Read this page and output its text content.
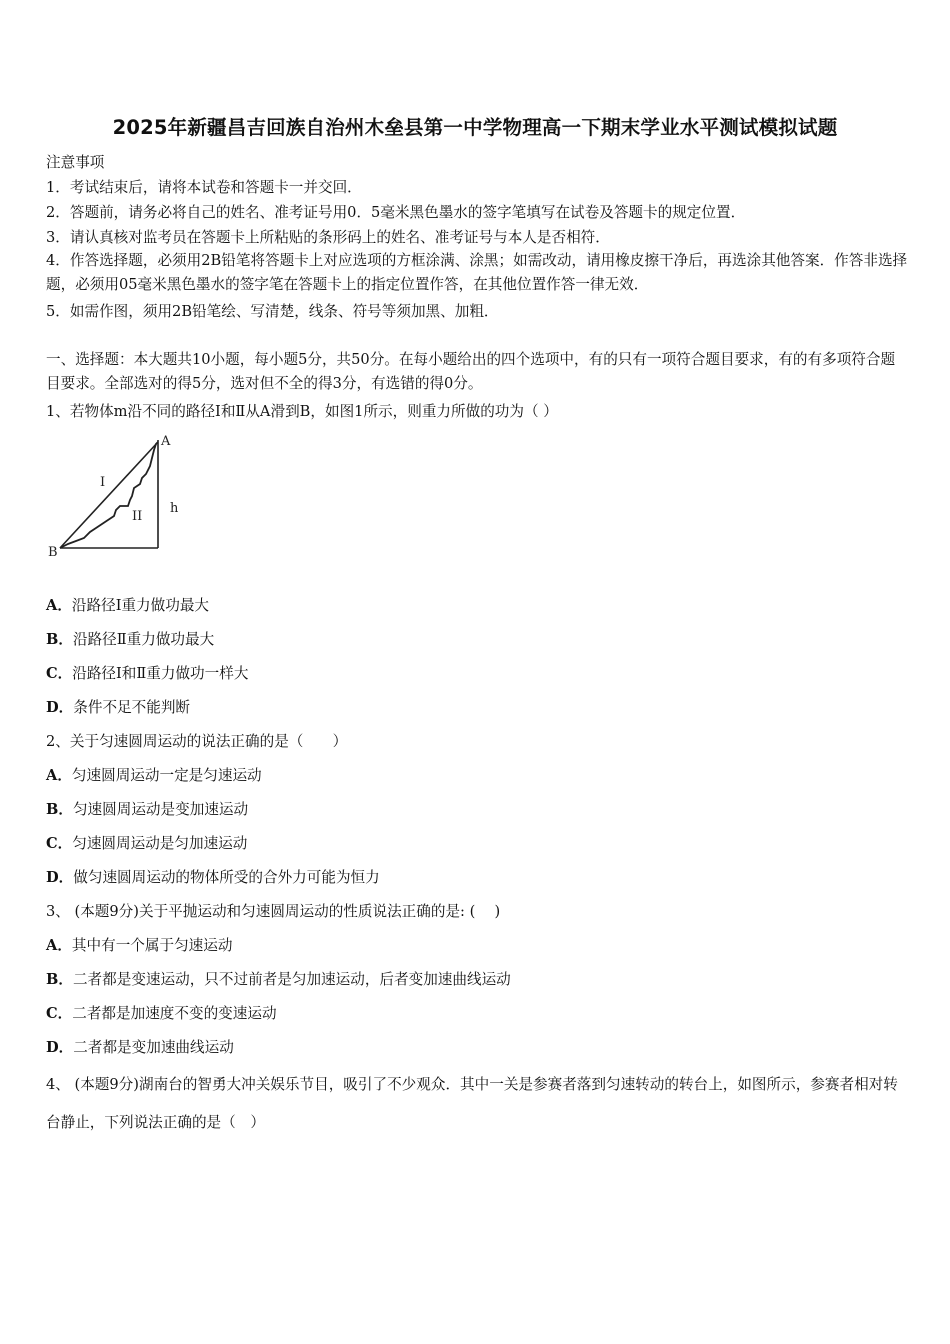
2025年新疆昌吉回族自治州木垒县第一中学物理高一下期末学业水平测试模拟试题
注意事项
1．考试结束后，请将本试卷和答题卡一并交回．
2．答题前，请务必将自己的姓名、准考证号用0．5毫米黑色墨水的签字笔填写在试卷及答题卡的规定位置．
3．请认真核对监考员在答题卡上所粘贴的条形码上的姓名、准考证号与本人是否相符．
4．作答选择题，必须用2B铅笔将答题卡上对应选项的方框涂满、涂黑；如需改动，请用橡皮擦干净后，再选涂其他答案．作答非选择题，必须用05毫米黑色墨水的签字笔在答题卡上的指定位置作答，在其他位置作答一律无效．
5．如需作图，须用2B铅笔绘、写清楚，线条、符号等须加黑、加粗．
一、选择题：本大题共10小题，每小题5分，共50分。在每小题给出的四个选项中，有的只有一项符合题目要求，有的有多项符合题目要求。全部选对的得5分，选对但不全的得3分，有选错的得0分。
1、若物体m沿不同的路径Ⅰ和Ⅱ从A滑到B，如图1所示，则重力所做的功为（ ）
A
B
h
I
II
A．沿路径Ⅰ重力做功最大
B．沿路径Ⅱ重力做功最大
C．沿路径Ⅰ和Ⅱ重力做功一样大
D．条件不足不能判断
2、关于匀速圆周运动的说法正确的是（　　）
A．匀速圆周运动一定是匀速运动
B．匀速圆周运动是变加速运动
C．匀速圆周运动是匀加速运动
D．做匀速圆周运动的物体所受的合外力可能为恒力
3、 (本题9分)关于平抛运动和匀速圆周运动的性质说法正确的是: (　 )
A．其中有一个属于匀速运动
B．二者都是变速运动，只不过前者是匀加速运动，后者变加速曲线运动
C．二者都是加速度不变的变速运动
D．二者都是变加速曲线运动
4、 (本题9分)湖南台的智勇大冲关娱乐节目，吸引了不少观众．其中一关是参赛者落到匀速转动的转台上，如图所示，参赛者相对转台静止，下列说法正确的是（　）
